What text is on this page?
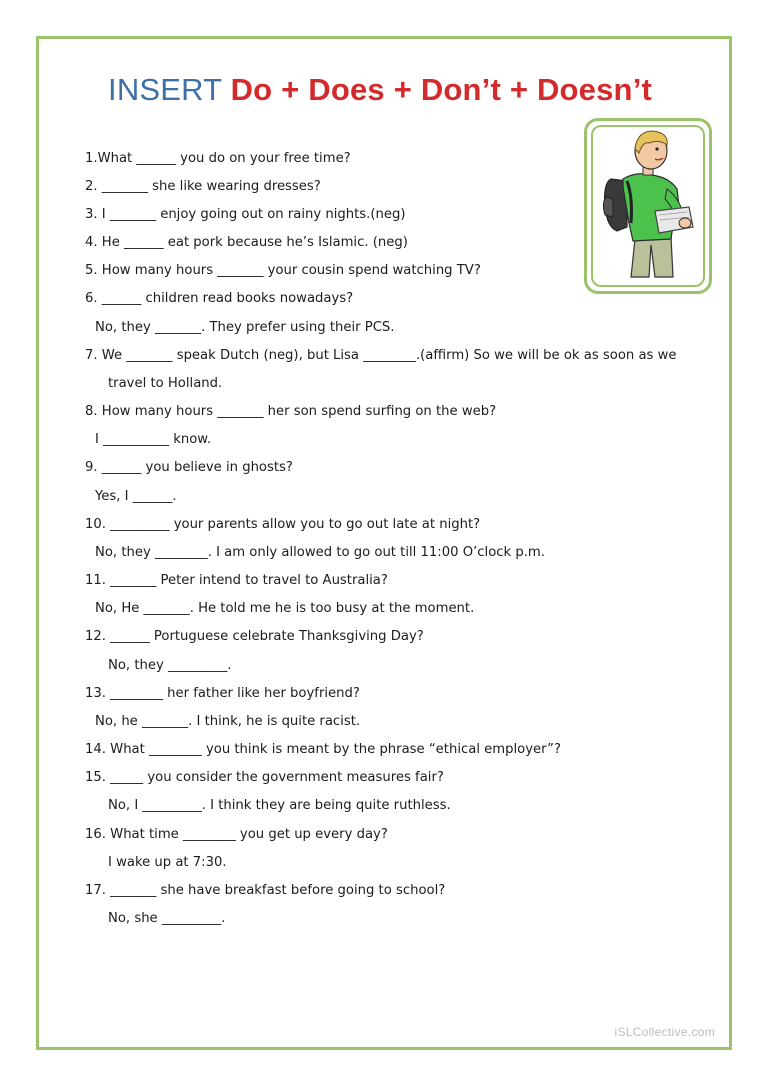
INSERT Do + Does + Don’t + Doesn’t
1.What ______ you do on your free time?
2. _______ she like wearing dresses?
3. I _______ enjoy going out on rainy nights.(neg)
4. He ______ eat pork because he’s Islamic. (neg)
5. How many hours _______ your cousin spend watching TV?
6. ______ children read books nowadays?
No, they _______. They prefer using their PCS.
7. We _______ speak Dutch (neg), but Lisa ________.(affirm) So we will be ok as soon as we
travel to Holland.
8. How many hours _______ her son spend surfing on the web?
I __________ know.
9. ______ you believe in ghosts?
Yes, I ______.
10. _________ your parents allow you to go out late at night?
No, they ________. I am only allowed to go out till 11:00 O’clock p.m.
11. _______ Peter intend to travel to Australia?
No, He _______. He told me he is too busy at the moment.
12. ______ Portuguese celebrate Thanksgiving Day?
No, they _________.
13. ________ her father like her boyfriend?
No, he _______. I think, he is quite racist.
14. What ________ you think is meant by the phrase “ethical employer”?
15. _____ you consider the government measures fair?
No, I _________. I think they are being quite ruthless.
16. What time ________ you get up every day?
I wake up at 7:30.
17. _______ she have breakfast before going to school?
No, she _________.
iSLCollective.com
